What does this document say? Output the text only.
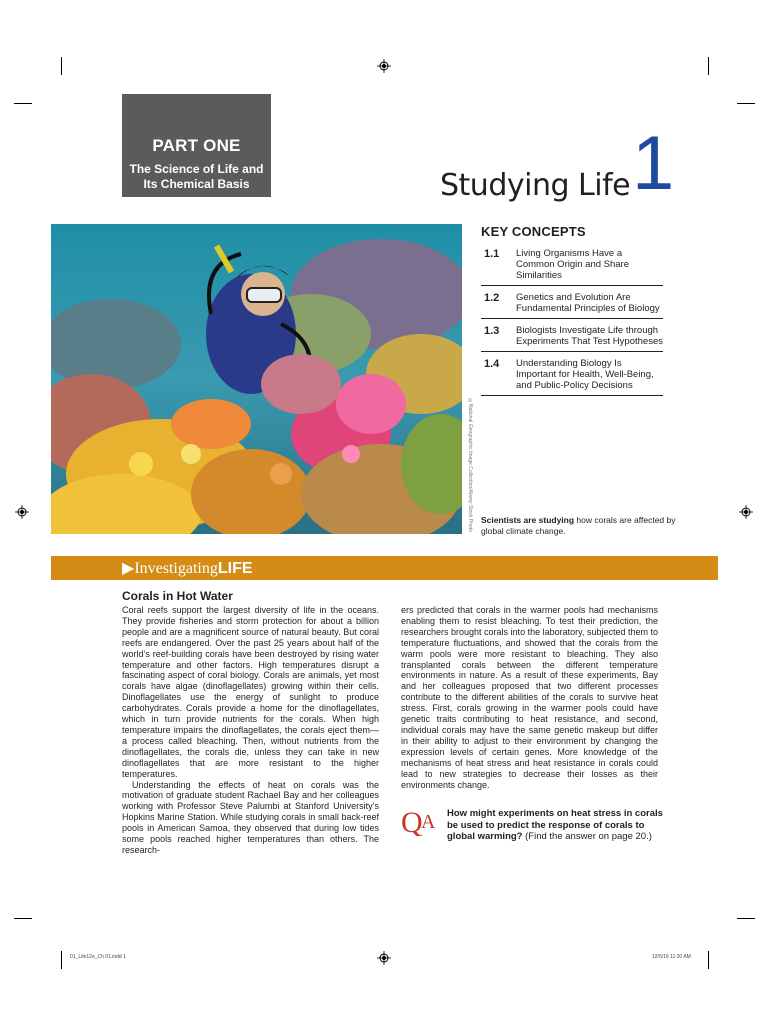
PART ONE
The Science of Life and Its Chemical Basis	Studying Life 1
©National Geographic Image Collection/Alamy Stock Photo
KEY CONCEPTS
1.1	Living Organisms Have a Common Origin and Share Similarities
1.2	Genetics and Evolution Are Fundamental Principles of Biology
1.3	Biologists Investigate Life through Experiments That Test Hypotheses
1.4	Understanding Biology Is Important for Health, Well-Being, and Public-Policy Decisions
Scientists are studying how corals are affected by global climate change.
▶InvestigatingLIFE
Corals in Hot Water

Coral reefs support the largest diversity of life in the oceans. They provide fisheries and storm protection for about a billion people and are a magnificent source of natural beauty. But coral reefs are endangered. Over the past 25 years about half of the world’s reef-building corals have been destroyed by rising water temperature and other factors. High temperatures disrupt a fascinating aspect of coral biology. Corals are animals, yet most corals have algae (dinoflagellates) growing within their cells. Dinoflagellates use the energy of sunlight to produce carbohydrates. Corals provide a home for the dinoflagellates, which in turn provide nutrients for the corals. When high temperature impairs the dinoflagellates, the corals eject them—a process called bleaching. Then, without nutrients from the dinoflagellates, the corals die, unless they can take in new dinoflagellates that are more resistant to the higher temperatures.

Understanding the effects of heat on corals was the motivation of graduate student Rachael Bay and her colleagues working with Professor Steve Palumbi at Stanford University’s Hopkins Marine Station. While studying corals in small back-reef pools in American Samoa, they observed that during low tides some pools reached higher temperatures than others. The research-

ers predicted that corals in the warmer pools had mechanisms enabling them to resist bleaching. To test their prediction, the researchers brought corals into the laboratory, subjected them to temperature fluctuations, and showed that the corals from the warm pools were more resistant to bleaching. They also transplanted corals between the different temperature environments in nature. As a result of these experiments, Bay and her colleagues proposed that two different processes contribute to the different abilities of the corals to survive heat stress. First, corals growing in the warmer pools could have genetic traits contributing to heat resistance, and second, individual corals may have the same genetic makeup but differ in their ability to adjust to their environment by changing the expression levels of certain genes. More knowledge of the mechanisms of heat stress and heat resistance in corals could lead to new strategies to decrease their losses as their environments change.

Q
A How might experiments on heat stress in corals be used to predict the response of corals to global warming? (Find the answer on page 20.)
01_Life12e_Ch 01.indd 1	12/5/19 11:20 AM
